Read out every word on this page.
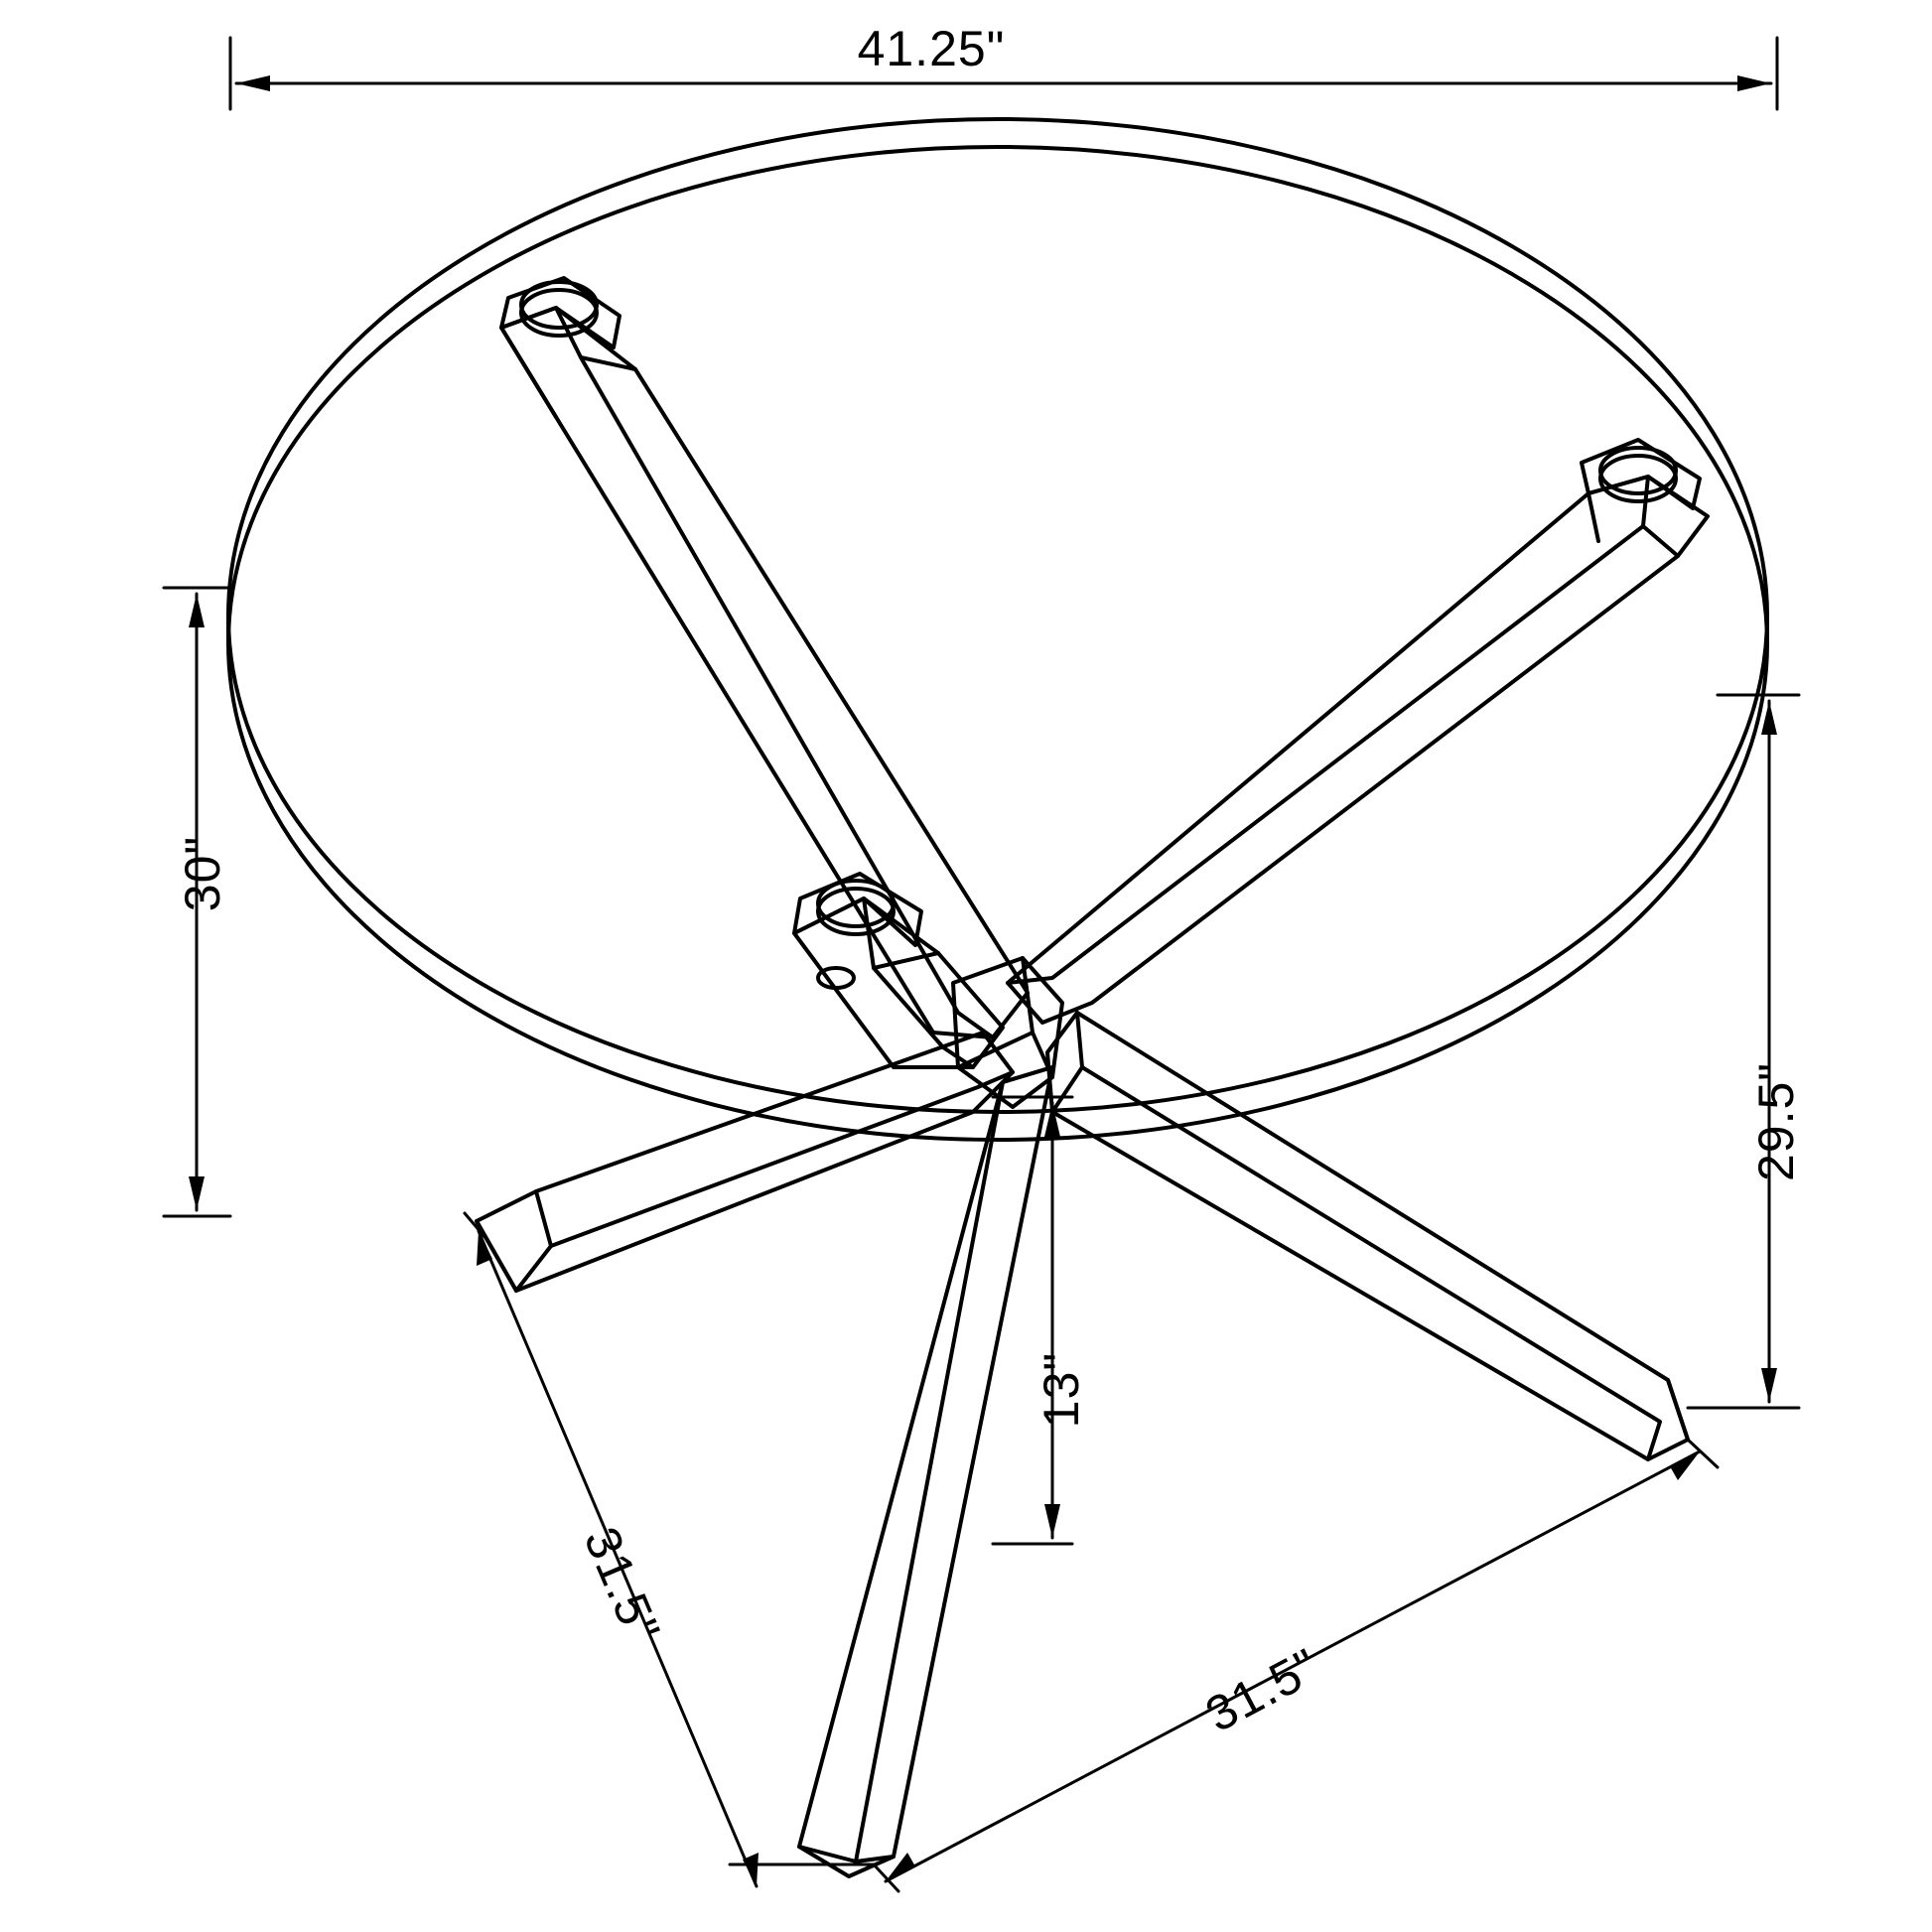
41.25"
30"
29.5"
13"
31.5"
31.5"
